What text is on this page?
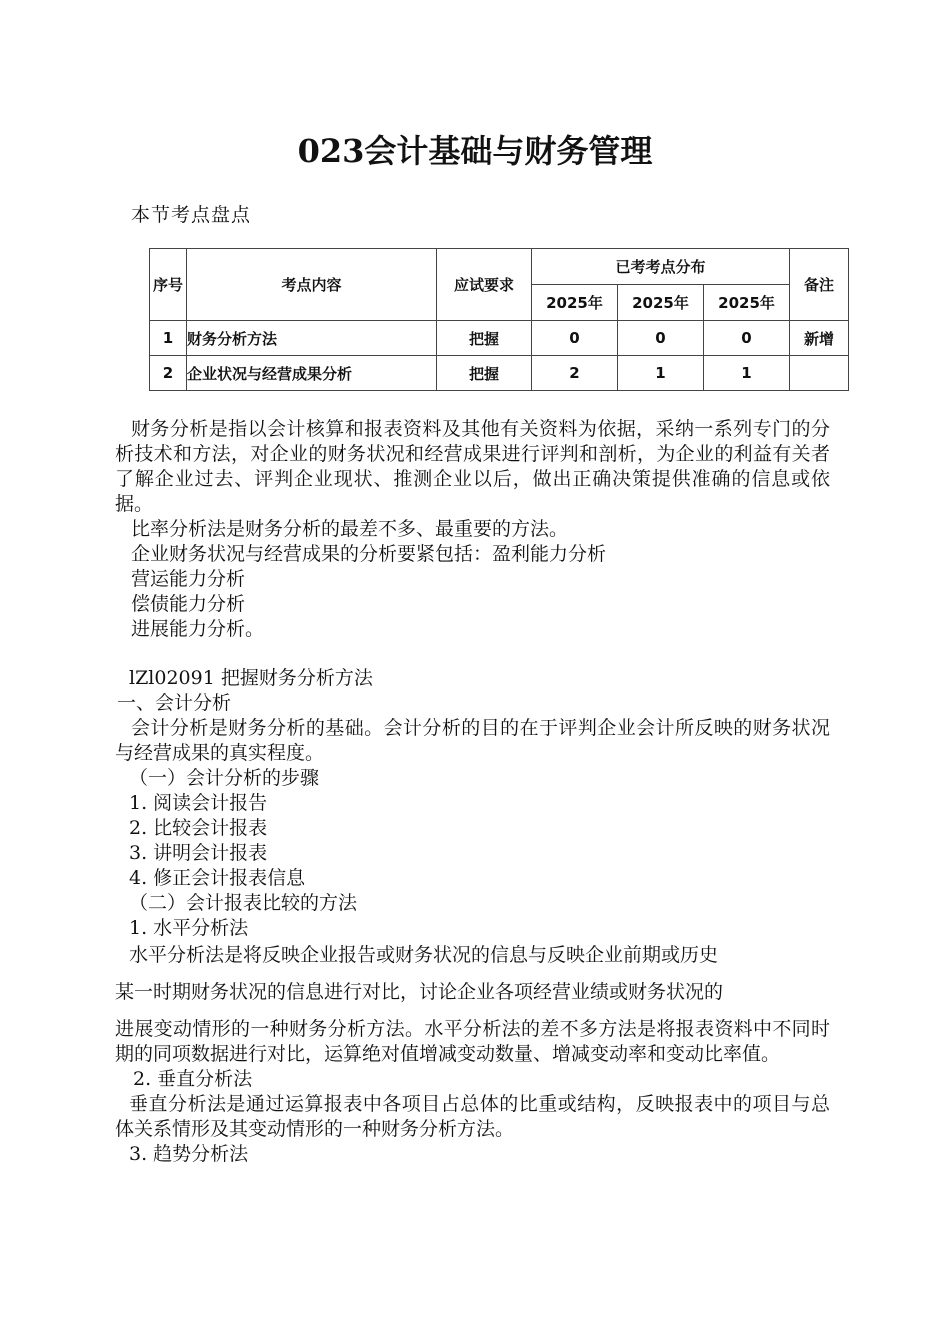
023会计基础与财务管理
本节考点盘点
序号	考点内容	应试要求	已考考点分布			备注
			2025年	2025年	2025年	
1	财务分析方法	把握	0	0	0	新增
2	企业状况与经营成果分析	把握	2	1	1	

财务分析是指以会计核算和报表资料及其他有关资料为依据，采纳一系列专门的分析技术和方法，对企业的财务状况和经营成果进行评判和剖析，为企业的利益有关者了解企业过去、评判企业现状、推测企业以后，做出正确决策提供准确的信息或依据。

比率分析法是财务分析的最差不多、最重要的方法。

企业财务状况与经营成果的分析要紧包括：盈利能力分析

营运能力分析

偿债能力分析

进展能力分析。

lZl02091 把握财务分析方法

一、会计分析

会计分析是财务分析的基础。会计分析的目的在于评判企业会计所反映的财务状况与经营成果的真实程度。

（一）会计分析的步骤

1. 阅读会计报告

2. 比较会计报表

3. 讲明会计报表

4. 修正会计报表信息

（二）会计报表比较的方法

1. 水平分析法

水平分析法是将反映企业报告或财务状况的信息与反映企业前期或历史

某一时期财务状况的信息进行对比，讨论企业各项经营业绩或财务状况的

进展变动情形的一种财务分析方法。水平分析法的差不多方法是将报表资料中不同时期的同项数据进行对比，运算绝对值增减变动数量、增减变动率和变动比率值。

2. 垂直分析法

垂直分析法是通过运算报表中各项目占总体的比重或结构，反映报表中的项目与总体关系情形及其变动情形的一种财务分析方法。

3. 趋势分析法
